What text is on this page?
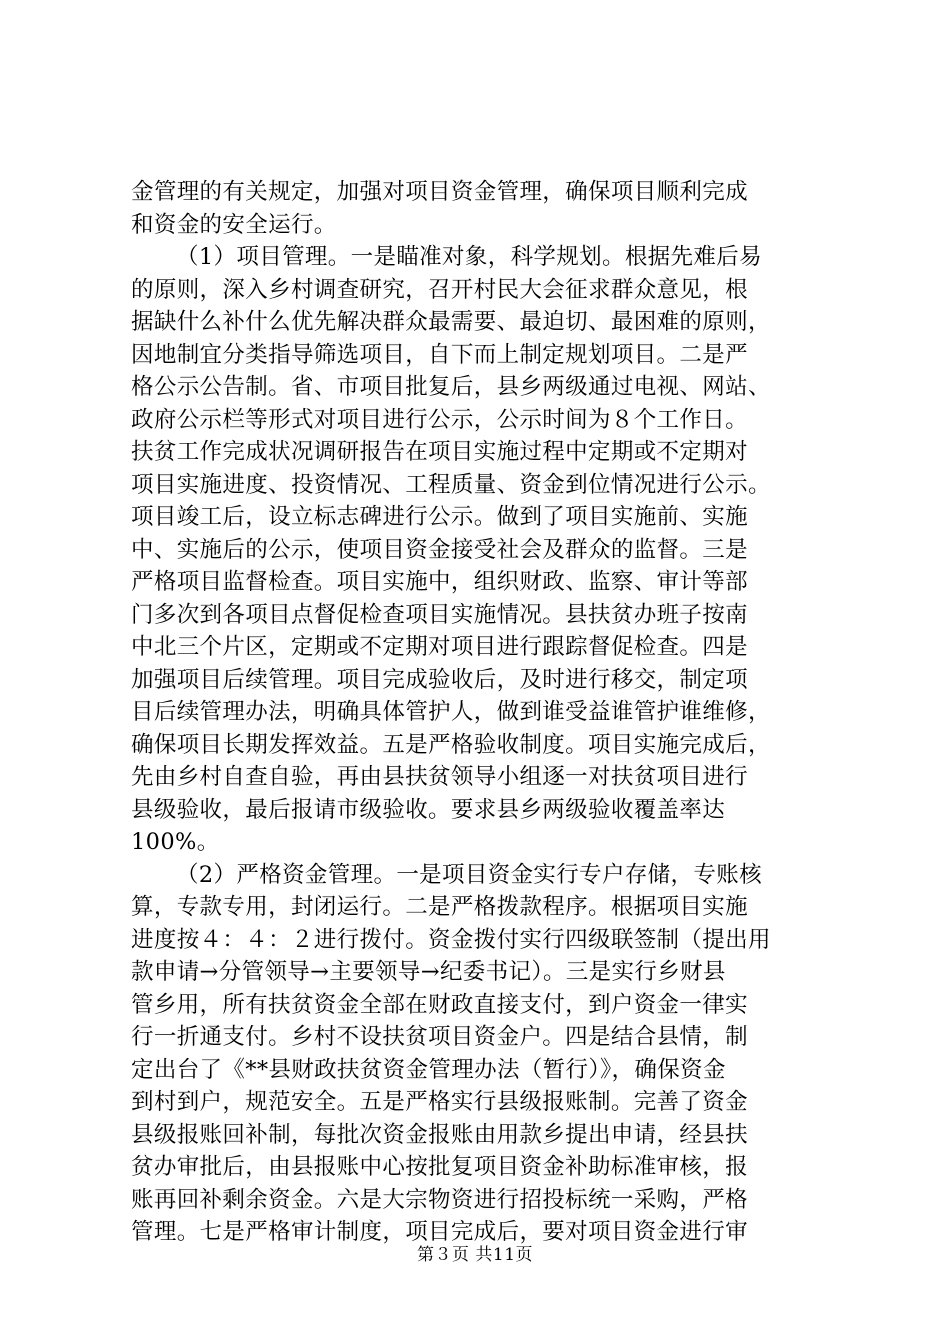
金管理的有关规定，加强对项目资金管理，确保项目顺利完成
和资金的安全运行。
（1）项目管理。一是瞄准对象，科学规划。根据先难后易
的原则，深入乡村调查研究，召开村民大会征求群众意见，根
据缺什么补什么优先解决群众最需要、最迫切、最困难的原则，
因地制宜分类指导筛选项目，自下而上制定规划项目。二是严
格公示公告制。省、市项目批复后，县乡两级通过电视、网站、
政府公示栏等形式对项目进行公示，公示时间为８个工作日。
扶贫工作完成状况调研报告在项目实施过程中定期或不定期对
项目实施进度、投资情况、工程质量、资金到位情况进行公示。
项目竣工后，设立标志碑进行公示。做到了项目实施前、实施
中、实施后的公示，使项目资金接受社会及群众的监督。三是
严格项目监督检查。项目实施中，组织财政、监察、审计等部
门多次到各项目点督促检查项目实施情况。县扶贫办班子按南
中北三个片区，定期或不定期对项目进行跟踪督促检查。四是
加强项目后续管理。项目完成验收后，及时进行移交，制定项
目后续管理办法，明确具体管护人，做到谁受益谁管护谁维修，
确保项目长期发挥效益。五是严格验收制度。项目实施完成后，
先由乡村自查自验，再由县扶贫领导小组逐一对扶贫项目进行
县级验收，最后报请市级验收。要求县乡两级验收覆盖率达
100%。
（2）严格资金管理。一是项目资金实行专户存储，专账核
算，专款专用，封闭运行。二是严格拨款程序。根据项目实施
进度按４：４：２进行拨付。资金拨付实行四级联签制（提出用
款申请→分管领导→主要领导→纪委书记）。三是实行乡财县
管乡用，所有扶贫资金全部在财政直接支付，到户资金一律实
行一折通支付。乡村不设扶贫项目资金户。四是结合县情，制
定出台了《**县财政扶贫资金管理办法（暂行）》，确保资金
到村到户，规范安全。五是严格实行县级报账制。完善了资金
县级报账回补制，每批次资金报账由用款乡提出申请，经县扶
贫办审批后，由县报账中心按批复项目资金补助标准审核，报
账再回补剩余资金。六是大宗物资进行招投标统一采购，严格
管理。七是严格审计制度，项目完成后，要对项目资金进行审
第３页 共11页
